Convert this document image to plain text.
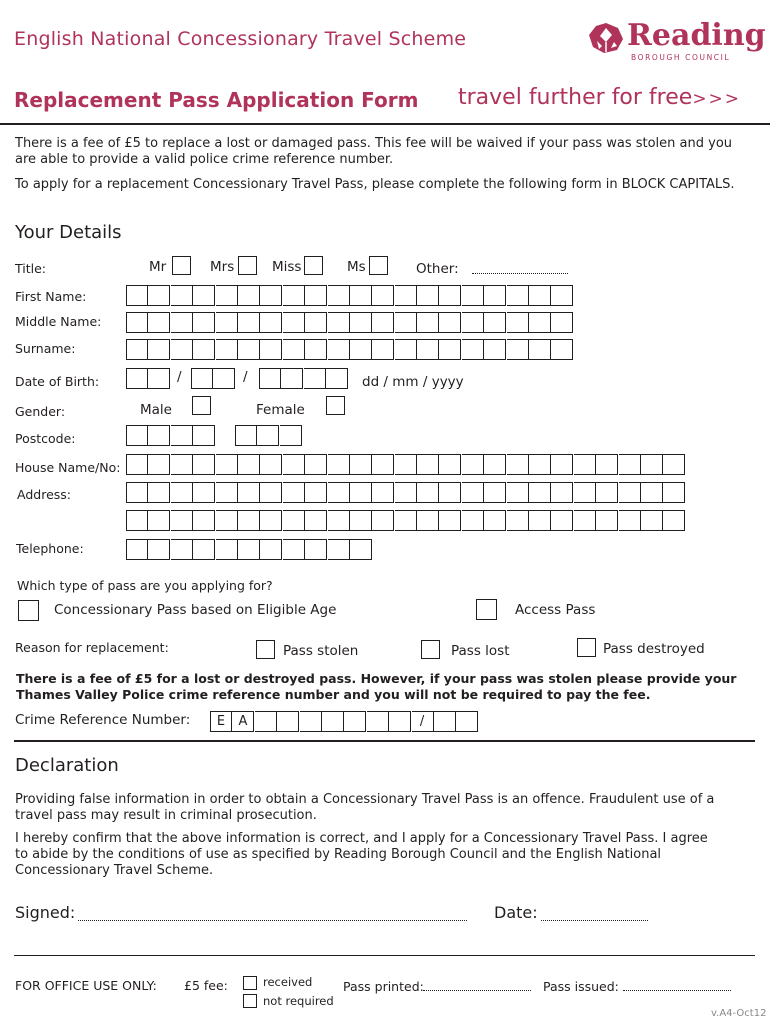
English National Concessionary Travel Scheme	Reading
BOROUGH COUNCIL
Replacement Pass Application Form travel further for free>>>
There is a fee of £5 to replace a lost or damaged pass. This fee will be waived if your pass was stolen and you are able to provide a valid police crime reference number.
To apply for a replacement Concessionary Travel Pass, please complete the following form in BLOCK CAPITALS.
Your Details
Title:	Mr	Mrs	Miss	Ms	Other:
First Name:
Middle Name:
Surname:
Date of Birth:	/	/	dd / mm / yyyy
Gender:	Male	Female
Postcode:
House Name/No:
Address:
Telephone:
Which type of pass are you applying for?
Concessionary Pass based on Eligible Age	Access Pass
Reason for replacement:	Pass stolen	Pass lost	Pass destroyed
There is a fee of £5 for a lost or destroyed pass. However, if your pass was stolen please provide your Thames Valley Police crime reference number and you will not be required to pay the fee.
Crime Reference Number:	E	A	/
Declaration
Providing false information in order to obtain a Concessionary Travel Pass is an offence. Fraudulent use of a travel pass may result in criminal prosecution.
I hereby confirm that the above information is correct, and I apply for a Concessionary Travel Pass. I agree to abide by the conditions of use as specified by Reading Borough Council and the English National Concessionary Travel Scheme.
Signed:	Date:
FOR OFFICE USE ONLY: £5 fee:	received
not required
Pass printed:	Pass issued:
v.A4-Oct12
